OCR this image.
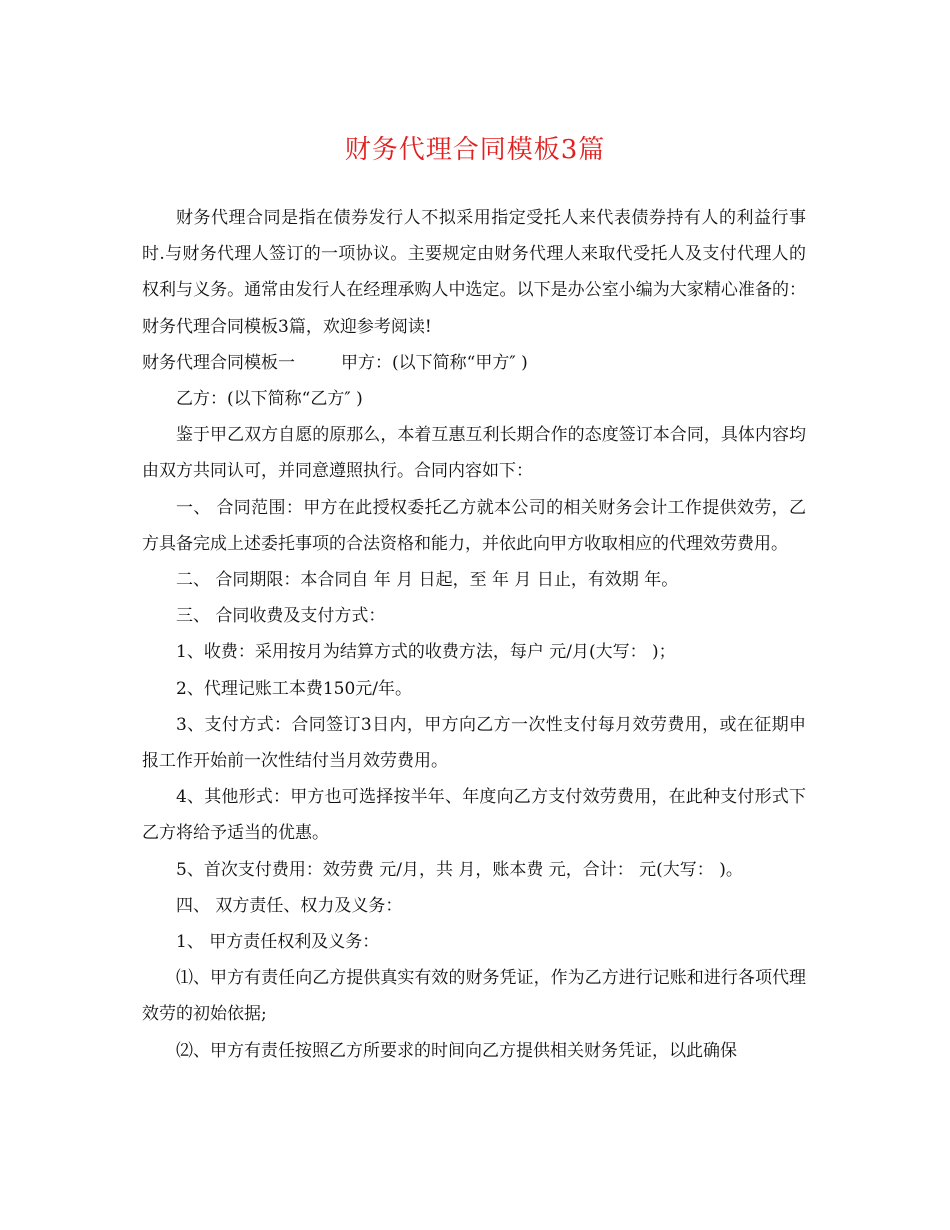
财务代理合同模板3篇

财务代理合同是指在债券发行人不拟采用指定受托人来代表债券持有人的利益行事时.与财务代理人签订的一项协议。主要规定由财务代理人来取代受托人及支付代理人的权利与义务。通常由发行人在经理承购人中选定。以下是办公室小编为大家精心准备的：财务代理合同模板3篇，欢迎参考阅读!

财务代理合同模板一	甲方：(以下简称“甲方″ )

乙方：(以下简称“乙方″ )

鉴于甲乙双方自愿的原那么，本着互惠互利长期合作的态度签订本合同，具体内容均由双方共同认可，并同意遵照执行。合同内容如下：

一、 合同范围：甲方在此授权委托乙方就本公司的相关财务会计工作提供效劳，乙方具备完成上述委托事项的合法资格和能力，并依此向甲方收取相应的代理效劳费用。

二、 合同期限：本合同自 年 月 日起，至 年 月 日止，有效期 年。

三、 合同收费及支付方式：

1、收费：采用按月为结算方式的收费方法，每户 元/月(大写： )；

2、代理记账工本费150元/年。

3、支付方式：合同签订3日内，甲方向乙方一次性支付每月效劳费用，或在征期申报工作开始前一次性结付当月效劳费用。

4、其他形式：甲方也可选择按半年、年度向乙方支付效劳费用，在此种支付形式下乙方将给予适当的优惠。

5、首次支付费用：效劳费 元/月，共 月，账本费 元，合计： 元(大写： )。

四、 双方责任、权力及义务：

1、 甲方责任权利及义务：

⑴、甲方有责任向乙方提供真实有效的财务凭证，作为乙方进行记账和进行各项代理效劳的初始依据;

⑵、甲方有责任按照乙方所要求的时间向乙方提供相关财务凭证，以此确保
